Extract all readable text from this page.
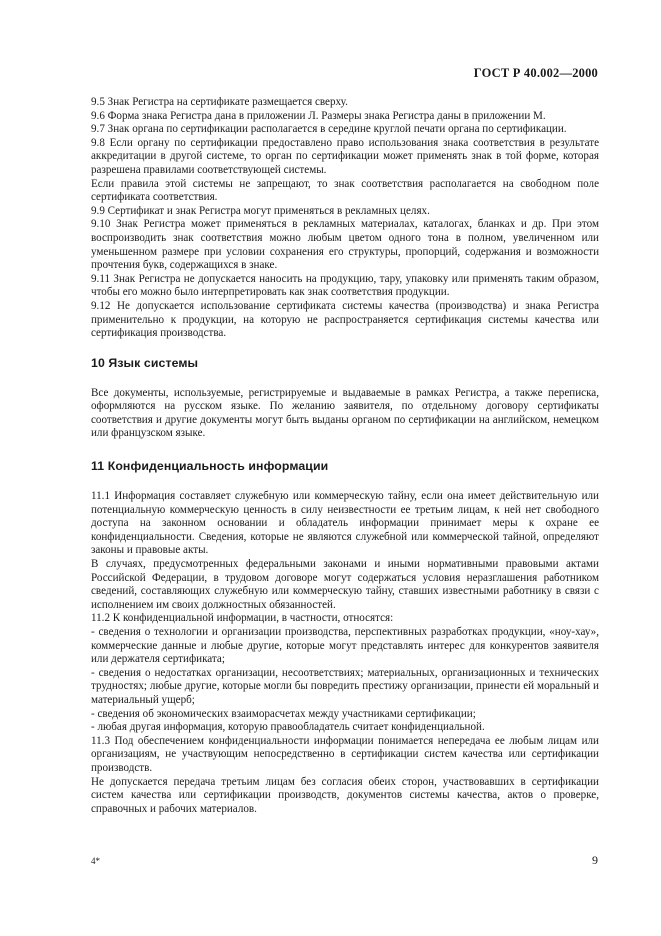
ГОСТ Р 40.002—2000

9.5 Знак Регистра на сертификате размещается сверху.

9.6 Форма знака Регистра дана в приложении Л. Размеры знака Регистра даны в приложении М.

9.7 Знак органа по сертификации располагается в середине круглой печати органа по сертификации.

9.8 Если органу по сертификации предоставлено право использования знака соответствия в результате аккредитации в другой системе, то орган по сертификации может применять знак в той форме, которая разрешена правилами соответствующей системы.

Если правила этой системы не запрещают, то знак соответствия располагается на свободном поле сертификата соответствия.

9.9 Сертификат и знак Регистра могут применяться в рекламных целях.

9.10 Знак Регистра может применяться в рекламных материалах, каталогах, бланках и др. При этом воспроизводить знак соответствия можно любым цветом одного тона в полном, увеличенном или уменьшенном размере при условии сохранения его структуры, пропорций, содержания и возможности прочтения букв, содержащихся в знаке.

9.11 Знак Регистра не допускается наносить на продукцию, тару, упаковку или применять таким образом, чтобы его можно было интерпретировать как знак соответствия продукции.

9.12 Не допускается использование сертификата системы качества (производства) и знака Регистра применительно к продукции, на которую не распространяется сертификация системы качества или сертификация производства.

10 Язык системы

Все документы, используемые, регистрируемые и выдаваемые в рамках Регистра, а также переписка, оформляются на русском языке. По желанию заявителя, по отдельному договору сертификаты соответствия и другие документы могут быть выданы органом по сертификации на английском, немецком или французском языке.

11 Конфиденциальность информации

11.1 Информация составляет служебную или коммерческую тайну, если она имеет действительную или потенциальную коммерческую ценность в силу неизвестности ее третьим лицам, к ней нет свободного доступа на законном основании и обладатель информации принимает меры к охране ее конфиденциальности. Сведения, которые не являются служебной или коммерческой тайной, определяют законы и правовые акты.

В случаях, предусмотренных федеральными законами и иными нормативными правовыми актами Российской Федерации, в трудовом договоре могут содержаться условия неразглашения работником сведений, составляющих служебную или коммерческую тайну, ставших известными работнику в связи с исполнением им своих должностных обязанностей.

11.2 К конфиденциальной информации, в частности, относятся:

- сведения о технологии и организации производства, перспективных разработках продукции, «ноу-хау», коммерческие данные и любые другие, которые могут представлять интерес для конкурентов заявителя или держателя сертификата;

- сведения о недостатках организации, несоответствиях; материальных, организационных и технических трудностях; любые другие, которые могли бы повредить престижу организации, принести ей моральный и материальный ущерб;

- сведения об экономических взаиморасчетах между участниками сертификации;

- любая другая информация, которую правообладатель считает конфиденциальной.

11.3 Под обеспечением конфиденциальности информации понимается непередача ее любым лицам или организациям, не участвующим непосредственно в сертификации систем качества или сертификации производств.

Не допускается передача третьим лицам без согласия обеих сторон, участвовавших в сертификации систем качества или сертификации производств, документов системы качества, актов о проверке, справочных и рабочих материалов.

4*	9
